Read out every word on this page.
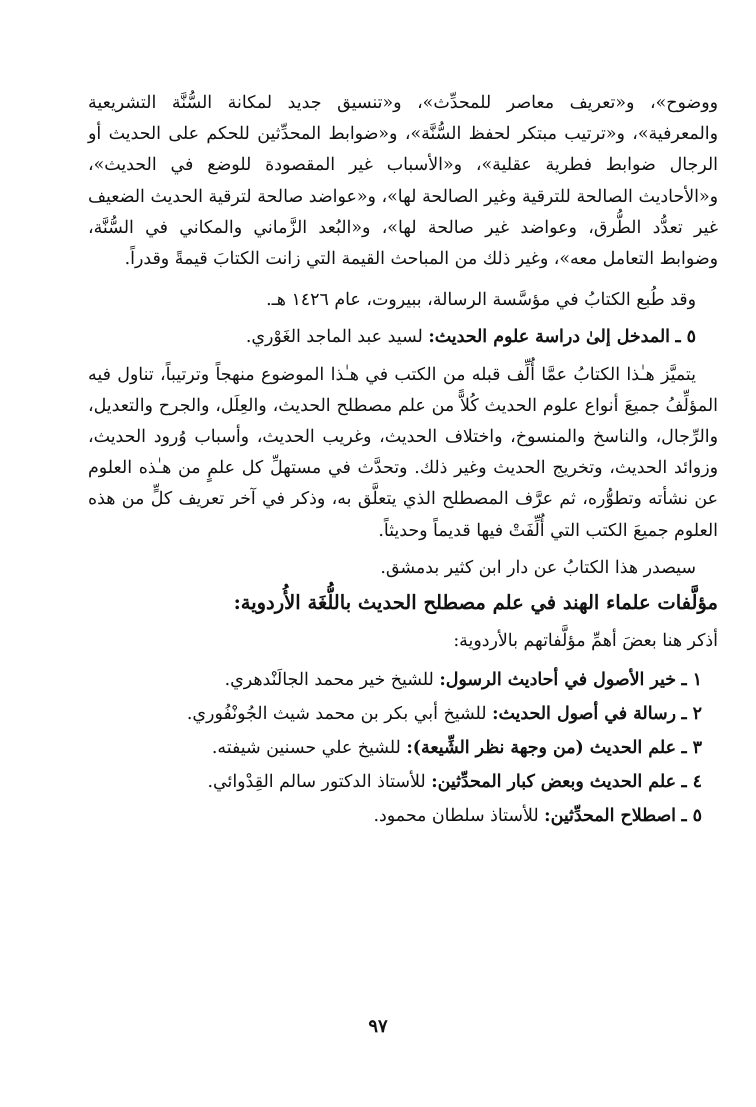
ووضوح»، و«تعريف معاصر للمحدِّث»، و«تنسيق جديد لمكانة السُّنَّة التشريعية والمعرفية»، و«ترتيب مبتكر لحفظ السُّنَّة»، و«ضوابط المحدِّثين للحكم على الحديث أو الرجال ضوابط فطرية عقلية»، و«الأسباب غير المقصودة للوضع في الحديث»، و«الأحاديث الصالحة للترقية وغير الصالحة لها»، و«عواضد صالحة لترقية الحديث الضعيف غير تعدُّد الطُّرق، وعواضد غير صالحة لها»، و«البُعد الزَّماني والمكاني في السُّنَّة، وضوابط التعامل معه»، وغير ذلك من المباحث القيمة التي زانت الكتابَ قيمةً وقدراً.

وقد طُبع الكتابُ في مؤسَّسة الرسالة، ببيروت، عام ١٤٢٦ هـ.

٥ ـ المدخل إلىٰ دراسة علوم الحديث: لسيد عبد الماجد الغَوْري.

يتميَّز هـٰذا الكتابُ عمَّا أُلِّف قبله من الكتب في هـٰذا الموضوع منهجاً وترتيباً، تناول فيه المؤلِّفُ جميعَ أنواع علوم الحديث كُلاًّ من علم مصطلح الحديث، والعِلَل، والجرح والتعديل، والرِّجال، والناسخ والمنسوخ، واختلاف الحديث، وغريب الحديث، وأسباب وُرود الحديث، وزوائد الحديث، وتخريج الحديث وغير ذلك. وتحدَّث في مستهلِّ كل علمٍ من هـٰذه العلوم عن نشأته وتطوُّره، ثم عرَّف المصطلح الذي يتعلَّق به، وذكر في آخر تعريف كلٍّ من هذه العلوم جميعَ الكتب التي أُلِّفَتْ فيها قديماً وحديثاً.

سيصدر هذا الكتابُ عن دار ابن كثير بدمشق.

مؤلَّفات علماء الهند في علم مصطلح الحديث باللُّغَة الأُردوية:

أذكر هنا بعضَ أهمِّ مؤلَّفاتهم بالأردوية:

١ ـ خير الأصول في أحاديث الرسول: للشيخ خير محمد الجالَنْدهري.

٢ ـ رسالة في أصول الحديث: للشيخ أبي بكر بن محمد شيث الجُونْفُوري.

٣ ـ علم الحديث (من وجهة نظر الشِّيعة): للشيخ علي حسنين شيفته.

٤ ـ علم الحديث وبعض كبار المحدِّثين: للأستاذ الدكتور سالم القِدْوائي.

٥ ـ اصطلاح المحدِّثين: للأستاذ سلطان محمود.

٩٧
